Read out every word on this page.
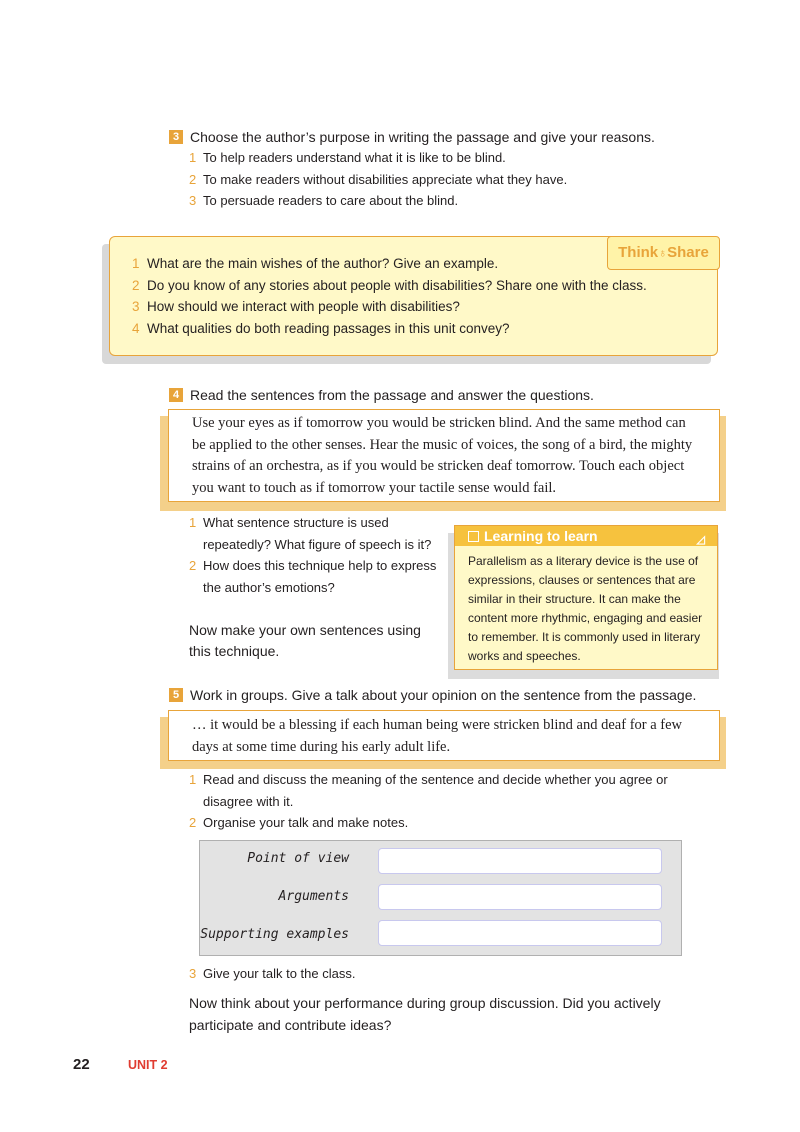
3 Choose the author’s purpose in writing the passage and give your reasons.
1 To help readers understand what it is like to be blind.
2 To make readers without disabilities appreciate what they have.
3 To persuade readers to care about the blind.
Think♁Share
1 What are the main wishes of the author? Give an example.
2 Do you know of any stories about people with disabilities? Share one with the class.
3 How should we interact with people with disabilities?
4 What qualities do both reading passages in this unit convey?
4 Read the sentences from the passage and answer the questions.
Use your eyes as if tomorrow you would be stricken blind. And the same method can
be applied to the other senses. Hear the music of voices, the song of a bird, the mighty
strains of an orchestra, as if you would be stricken deaf tomorrow. Touch each object
you want to touch as if tomorrow your tactile sense would fail.
1 What sentence structure is used
repeatedly? What figure of speech is it?
2 How does this technique help to express
the author’s emotions?
Now make your own sentences using
this technique.
Learning to learn	◿
Parallelism as a literary device is the use of
expressions, clauses or sentences that are
similar in their structure. It can make the
content more rhythmic, engaging and easier
to remember. It is commonly used in literary
works and speeches.
5 Work in groups. Give a talk about your opinion on the sentence from the passage.
… it would be a blessing if each human being were stricken blind and deaf for a few
days at some time during his early adult life.
1 Read and discuss the meaning of the sentence and decide whether you agree or
disagree with it.
2 Organise your talk and make notes.
Point of view
Arguments
Supporting examples
3 Give your talk to the class.
Now think about your performance during group discussion. Did you actively
participate and contribute ideas?
22	UNIT 2
